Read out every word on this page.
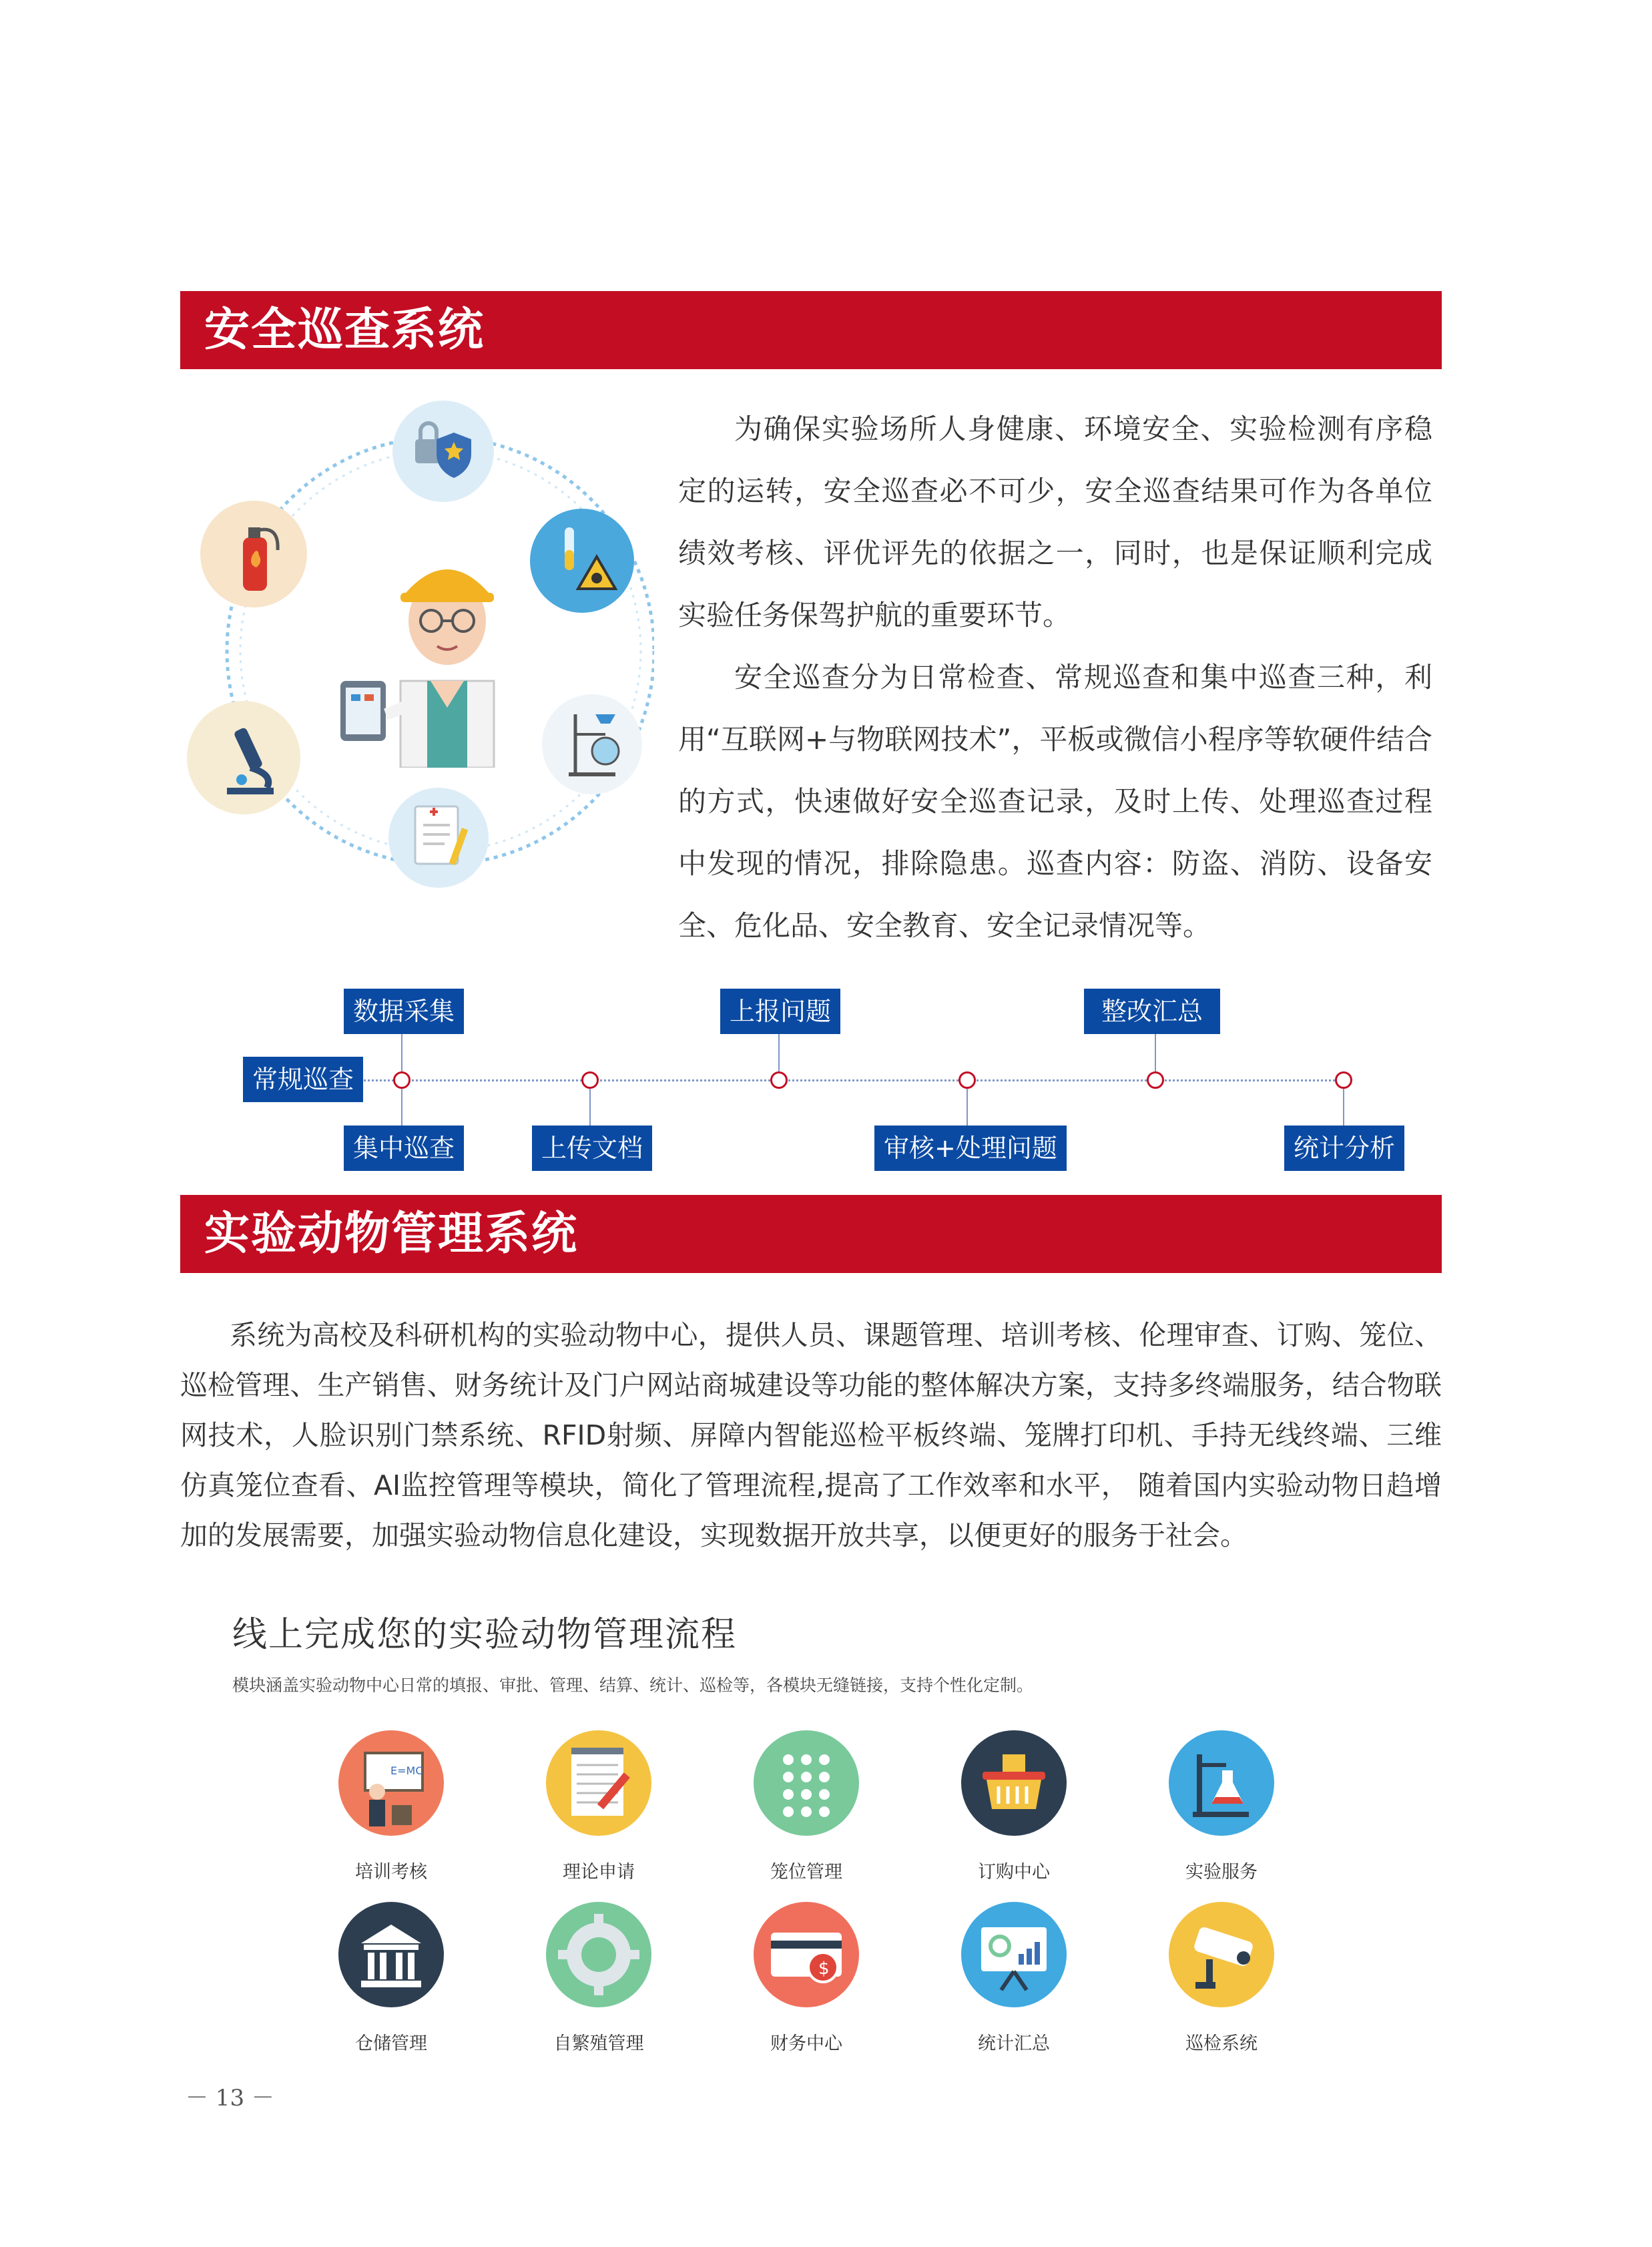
安全巡查系统

为确保实验场所人身健康、环境安全、实验检测有序稳定的运转，安全巡查必不可少，安全巡查结果可作为各单位绩效考核、评优评先的依据之一，同时，也是保证顺利完成实验任务保驾护航的重要环节。

安全巡查分为日常检查、常规巡查和集中巡查三种，利用“互联网+与物联网技术”，平板或微信小程序等软硬件结合的方式，快速做好安全巡查记录，及时上传、处理巡查过程中发现的情况，排除隐患。巡查内容：防盗、消防、设备安全、危化品、安全教育、安全记录情况等。

常规巡查
数据采集	上报问题	整改汇总
集中巡查	上传文档	审核+处理问题	统计分析
实验动物管理系统

系统为高校及科研机构的实验动物中心，提供人员、课题管理、培训考核、伦理审查、订购、笼位、巡检管理、生产销售、财务统计及门户网站商城建设等功能的整体解决方案，支持多终端服务，结合物联网技术，人脸识别门禁系统、RFID射频、屏障内智能巡检平板终端、笼牌打印机、手持无线终端、三维仿真笼位查看、AI监控管理等模块，简化了管理流程,提高了工作效率和水平， 随着国内实验动物日趋增加的发展需要，加强实验动物信息化建设，实现数据开放共享，以便更好的服务于社会。

线上完成您的实验动物管理流程
模块涵盖实验动物中心日常的填报、审批、管理、结算、统计、巡检等，各模块无缝链接，支持个性化定制。
E=MC
培训考核	理论申请	笼位管理	订购中心	实验服务
仓储管理	自繁殖管理
$
财务中心	统计汇总	巡检系统
－ 13 －
